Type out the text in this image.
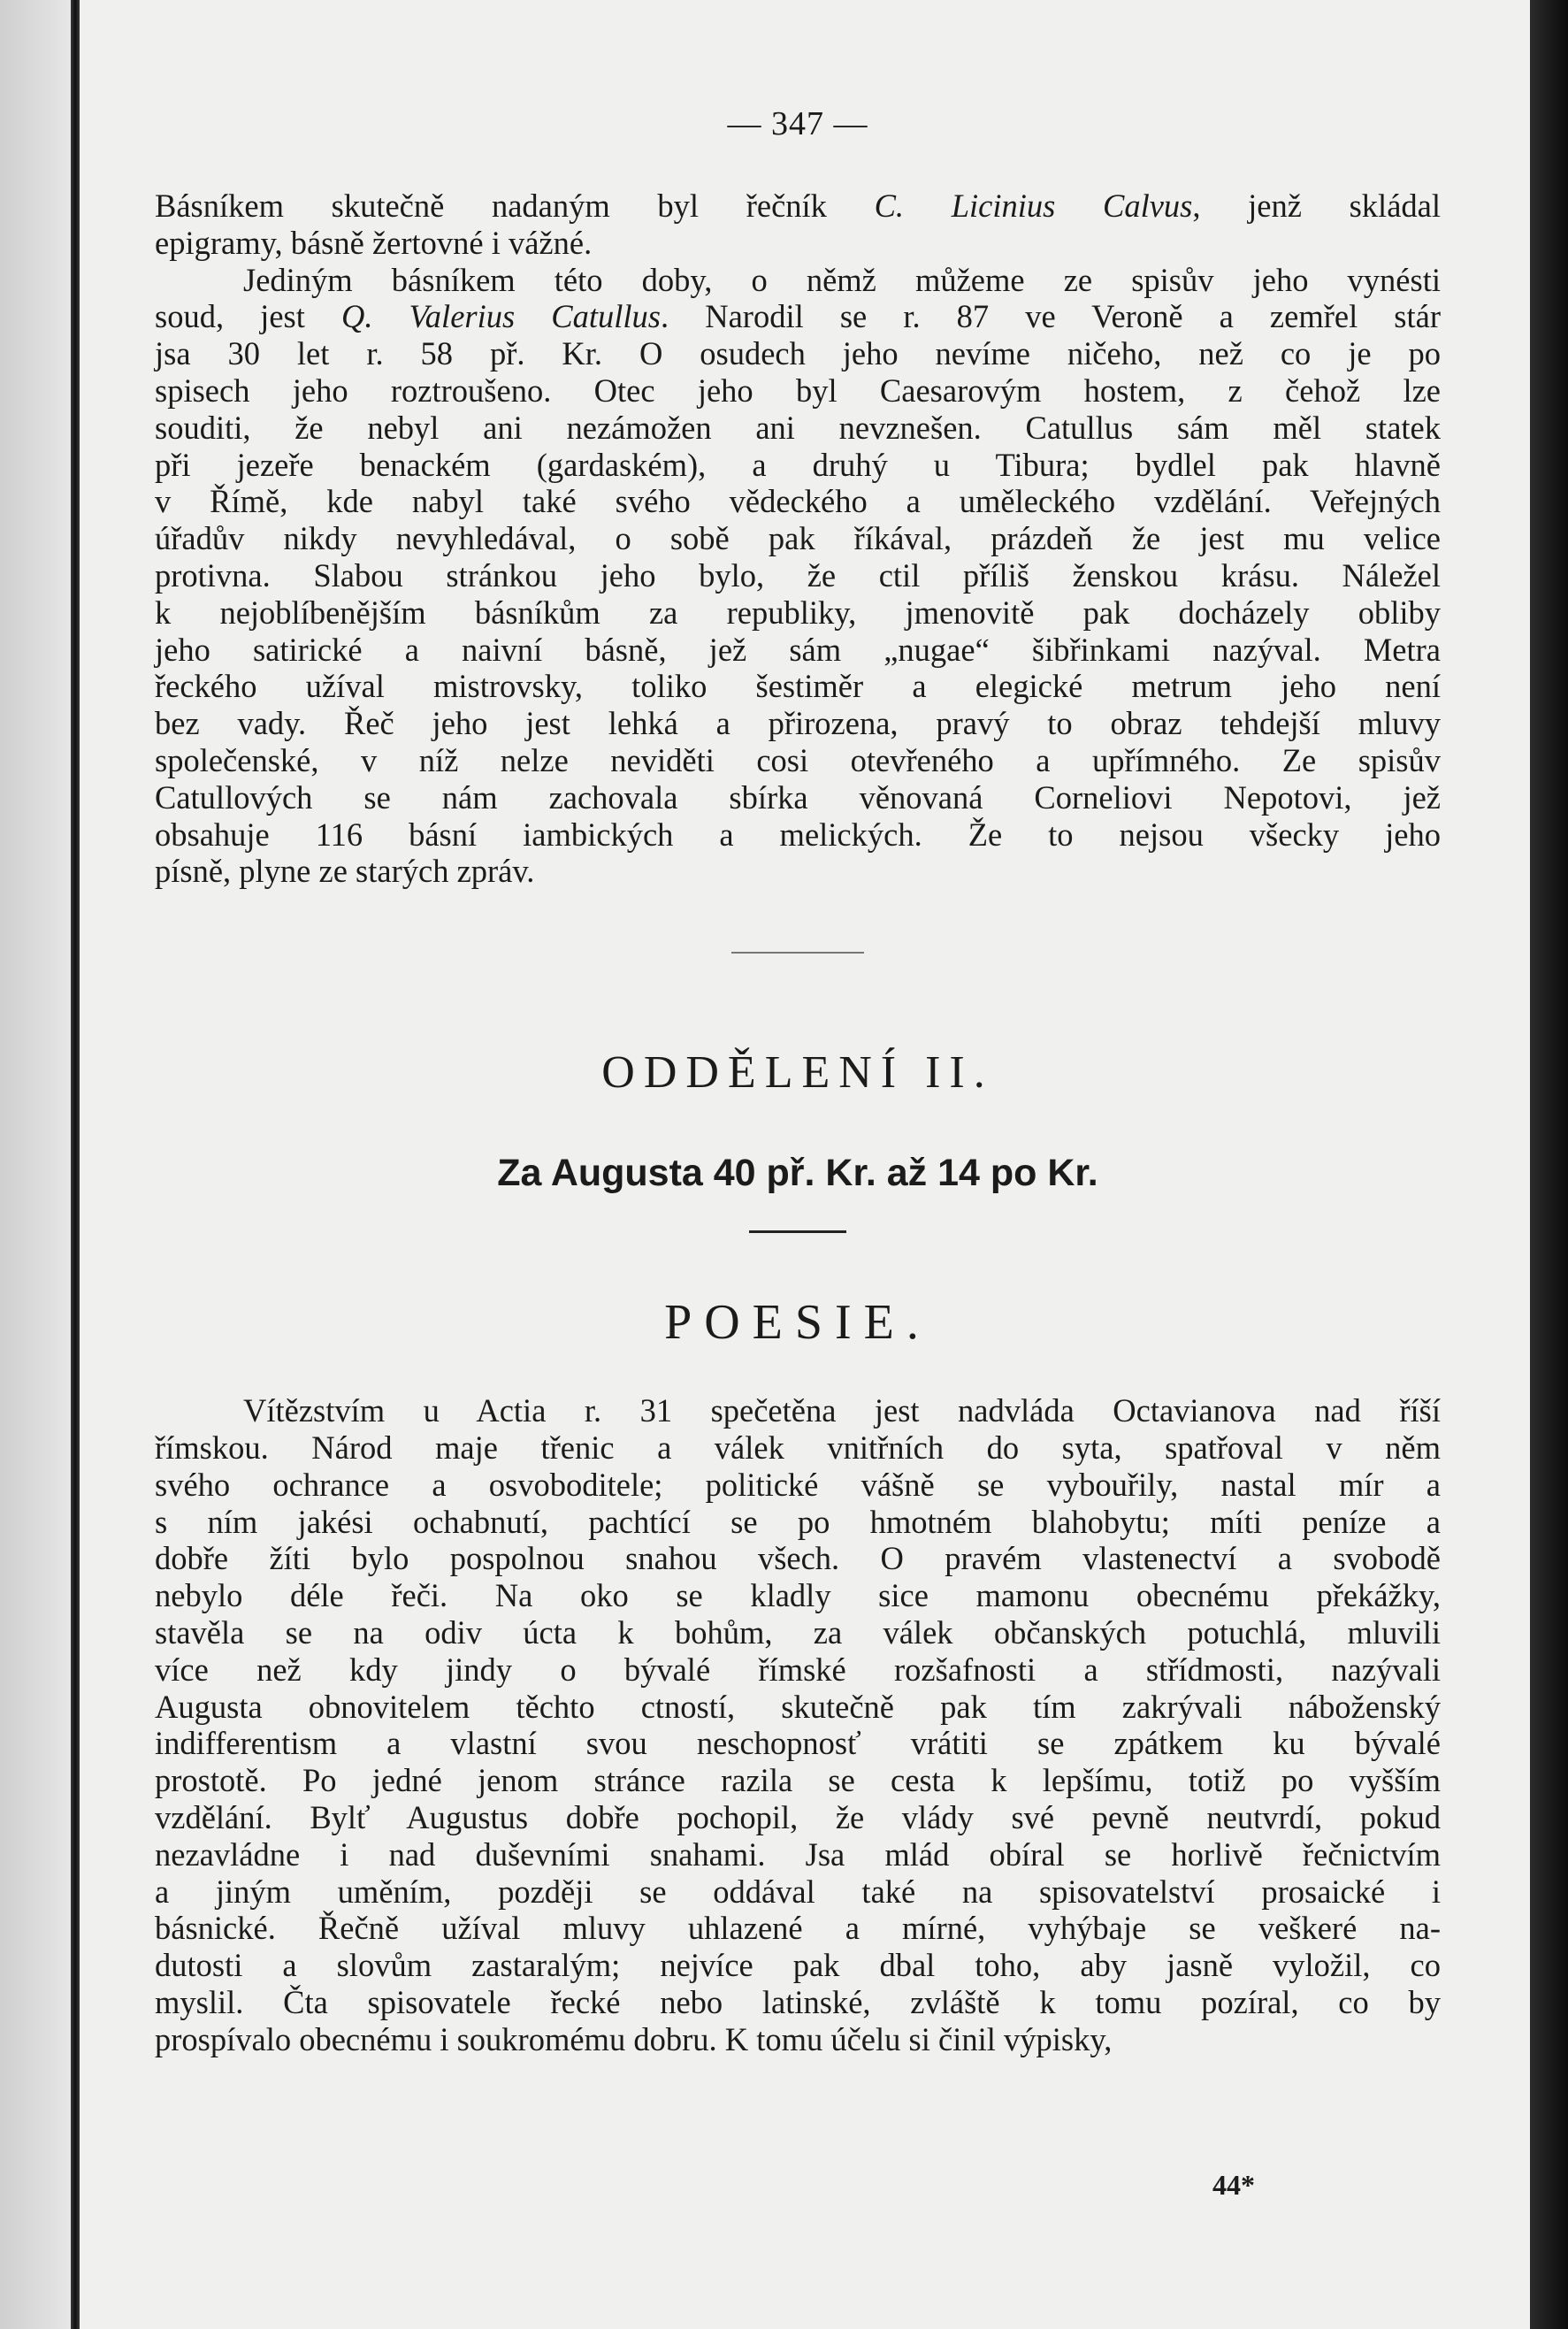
— 347 —
Básníkem skutečně nadaným byl řečník C. Licinius Calvus, jenž skládal
epigramy, básně žertovné i vážné.
Jediným básníkem této doby, o němž můžeme ze spisův jeho vynésti
soud, jest Q. Valerius Catullus. Narodil se r. 87 ve Veroně a zemřel stár
jsa 30 let r. 58 př. Kr. O osudech jeho nevíme ničeho, než co je po
spisech jeho roztroušeno. Otec jeho byl Caesarovým hostem, z čehož lze
souditi, že nebyl ani nezámožen ani nevznešen. Catullus sám měl statek
při jezeře benackém (gardaském), a druhý u Tibura; bydlel pak hlavně
v Římě, kde nabyl také svého vědeckého a uměleckého vzdělání. Veřejných
úřadův nikdy nevyhledával, o sobě pak říkával, prázdeň že jest mu velice
protivna. Slabou stránkou jeho bylo, že ctil příliš ženskou krásu. Náležel
k nejoblíbenějším básníkům za republiky, jmenovitě pak docházely obliby
jeho satirické a naivní básně, jež sám „nugae“ šibřinkami nazýval. Metra
řeckého užíval mistrovsky, toliko šestiměr a elegické metrum jeho není
bez vady. Řeč jeho jest lehká a přirozena, pravý to obraz tehdejší mluvy
společenské, v níž nelze neviděti cosi otevřeného a upřímného. Ze spisův
Catullových se nám zachovala sbírka věnovaná Corneliovi Nepotovi, jež
obsahuje 116 básní iambických a melických. Že to nejsou všecky jeho
písně, plyne ze starých zpráv.
ODDĚLENÍ II.
Za Augusta 40 př. Kr. až 14 po Kr.
POESIE.
Vítězstvím u Actia r. 31 spečetěna jest nadvláda Octavianova nad říší
římskou. Národ maje třenic a válek vnitřních do syta, spatřoval v něm
svého ochrance a osvoboditele; politické vášně se vybouřily, nastal mír a
s ním jakési ochabnutí, pachtící se po hmotném blahobytu; míti peníze a
dobře žíti bylo pospolnou snahou všech. O pravém vlastenectví a svobodě
nebylo déle řeči. Na oko se kladly sice mamonu obecnému překážky,
stavěla se na odiv úcta k bohům, za válek občanských potuchlá, mluvili
více než kdy jindy o bývalé římské rozšafnosti a střídmosti, nazývali
Augusta obnovitelem těchto ctností, skutečně pak tím zakrývali náboženský
indifferentism a vlastní svou neschopnosť vrátiti se zpátkem ku bývalé
prostotě. Po jedné jenom stránce razila se cesta k lepšímu, totiž po vyšším
vzdělání. Bylť Augustus dobře pochopil, že vlády své pevně neutvrdí, pokud
nezavládne i nad duševními snahami. Jsa mlád obíral se horlivě řečnictvím
a jiným uměním, později se oddával také na spisovatelství prosaické i
básnické. Řečně užíval mluvy uhlazené a mírné, vyhýbaje se veškeré na-
dutosti a slovům zastaralým; nejvíce pak dbal toho, aby jasně vyložil, co
myslil. Čta spisovatele řecké nebo latinské, zvláště k tomu pozíral, co by
prospívalo obecnému i soukromému dobru. K tomu účelu si činil výpisky,
44*
